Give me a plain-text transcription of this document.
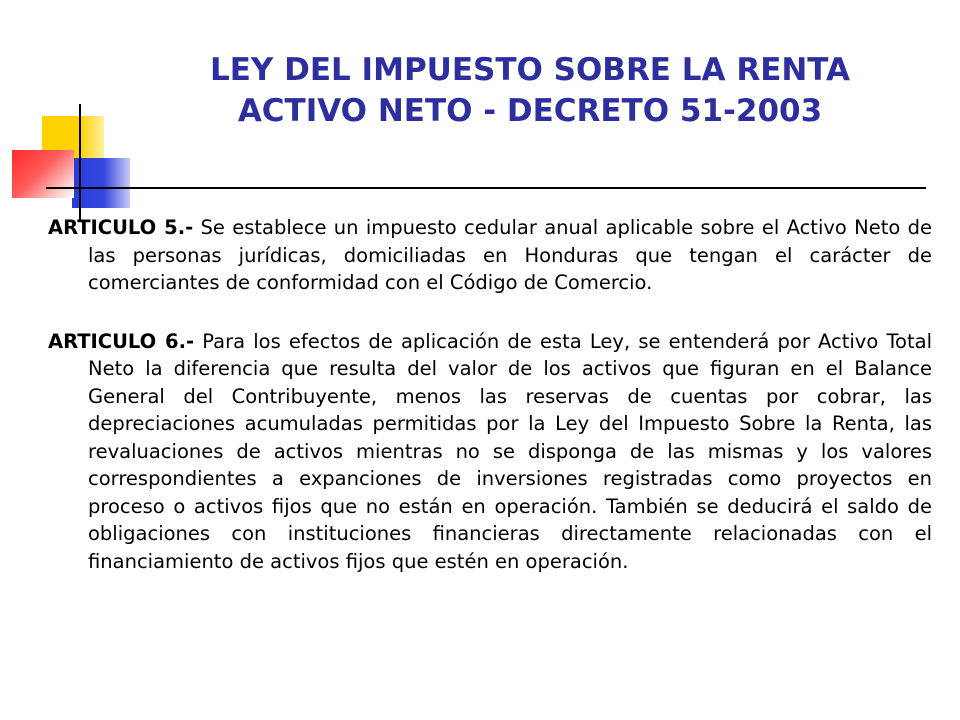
LEY DEL IMPUESTO SOBRE LA RENTA
ACTIVO NETO - DECRETO 51-2003

ARTICULO 5.- Se establece un impuesto cedular anual aplicable sobre el Activo Neto de las personas jurídicas, domiciliadas en Honduras que tengan el carácter de comerciantes de conformidad con el Código de Comercio.

ARTICULO 6.- Para los efectos de aplicación de esta Ley, se entenderá por Activo Total Neto la diferencia que resulta del valor de los activos que figuran en el Balance General del Contribuyente, menos las reservas de cuentas por cobrar, las depreciaciones acumuladas permitidas por la Ley del Impuesto Sobre la Renta, las revaluaciones de activos mientras no se disponga de las mismas y los valores correspondientes a expanciones de inversiones registradas como proyectos en proceso o activos fijos que no están en operación. También se deducirá el saldo de obligaciones con instituciones financieras directamente relacionadas con el financiamiento de activos fijos que estén en operación.
